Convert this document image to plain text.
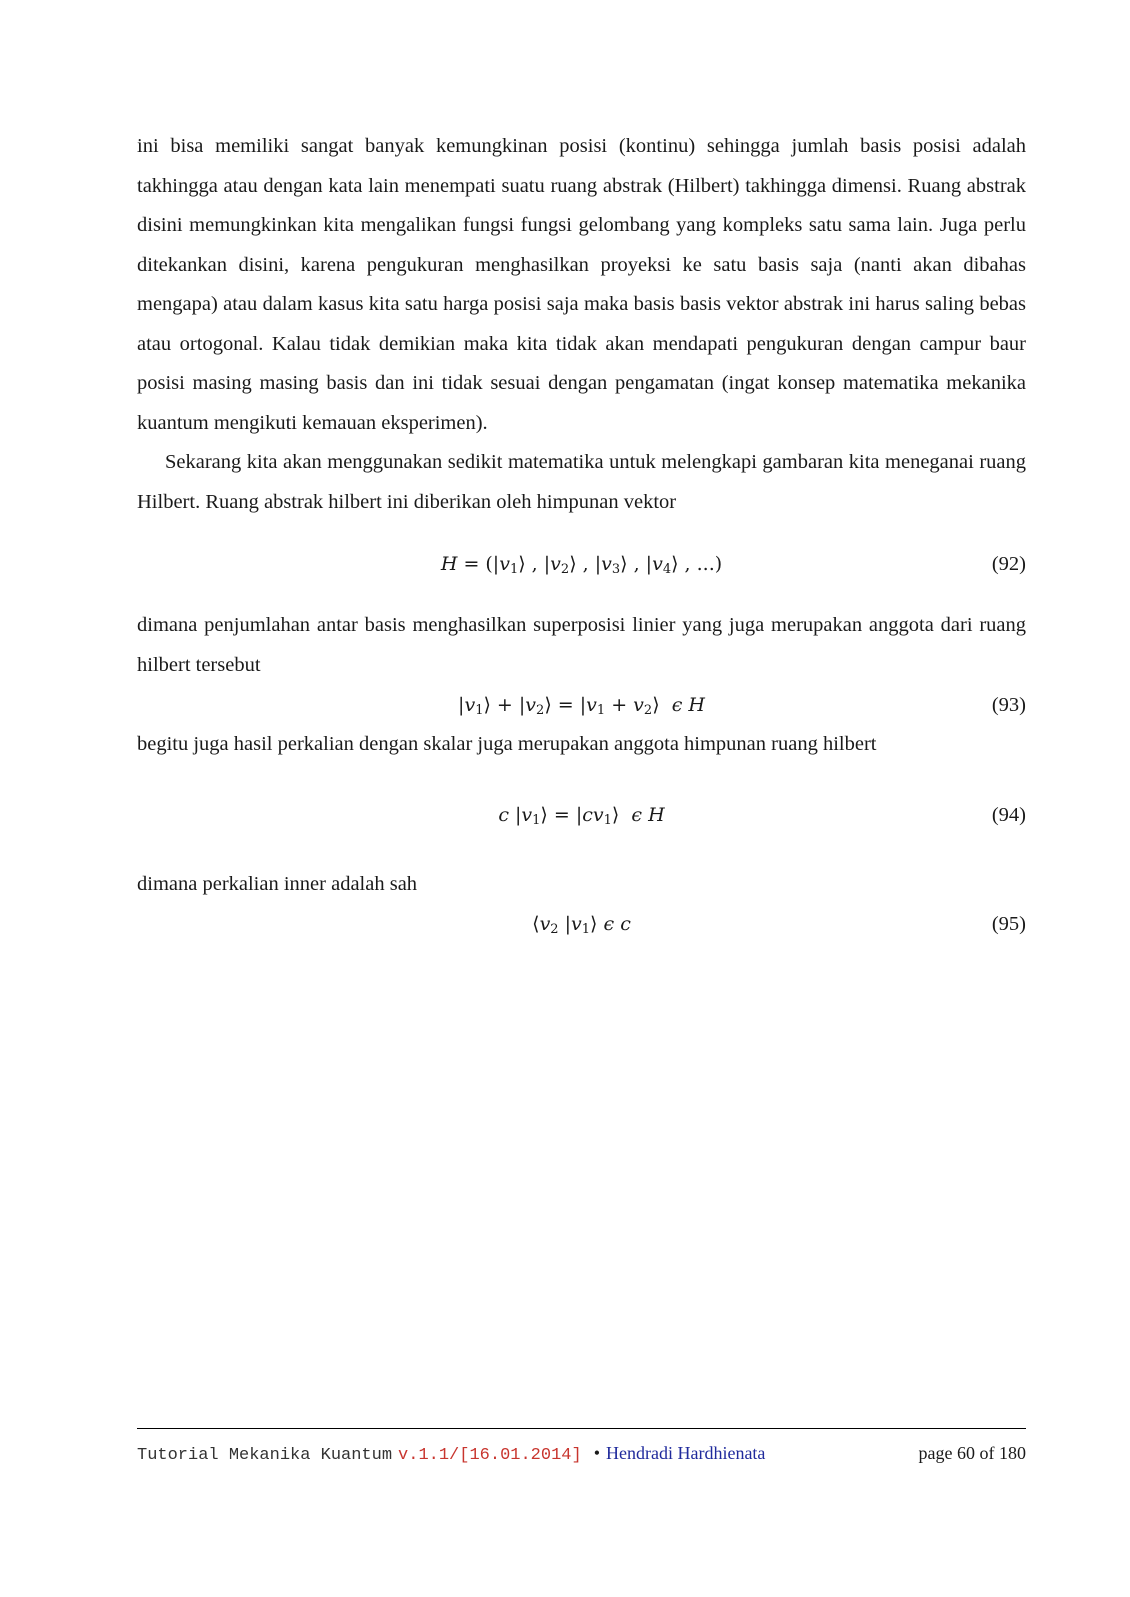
ini bisa memiliki sangat banyak kemungkinan posisi (kontinu) sehingga jumlah basis posisi adalah takhingga atau dengan kata lain menempati suatu ruang abstrak (Hilbert) takhingga dimensi. Ruang abstrak disini memungkinkan kita mengalikan fungsi fungsi gelombang yang kompleks satu sama lain. Juga perlu ditekankan disini, karena pengukuran menghasilkan proyeksi ke satu basis saja (nanti akan dibahas mengapa) atau dalam kasus kita satu harga posisi saja maka basis basis vektor abstrak ini harus saling bebas atau ortogonal. Kalau tidak demikian maka kita tidak akan mendapati pengukuran dengan campur baur posisi masing masing basis dan ini tidak sesuai dengan pengamatan (ingat konsep matematika mekanika kuantum mengikuti kemauan eksperimen).

Sekarang kita akan menggunakan sedikit matematika untuk melengkapi gambaran kita meneganai ruang Hilbert. Ruang abstrak hilbert ini diberikan oleh himpunan vektor

$H = (|v_1⟩$ , $|v_2⟩$ , $|v_3⟩$ , $|v_4⟩$ , ...)	(92)

dimana penjumlahan antar basis menghasilkan superposisi linier yang juga merupakan anggota dari ruang hilbert tersebut

$|v_1⟩$ + $|v_2⟩ = |v_1$ + $v_2⟩$  ϵ H	(93)

begitu juga hasil perkalian dengan skalar juga merupakan anggota himpunan ruang hilbert

c $|v_1⟩$ = $|cv_1⟩$  ϵ H	(94)

dimana perkalian inner adalah sah

$⟨v_2$ $|v_1⟩$ ϵ c	(95)
Tutorial Mekanika Kuantum v.1.1/[16.01.2014] • Hendradi Hardhienata	page 60 of 180
